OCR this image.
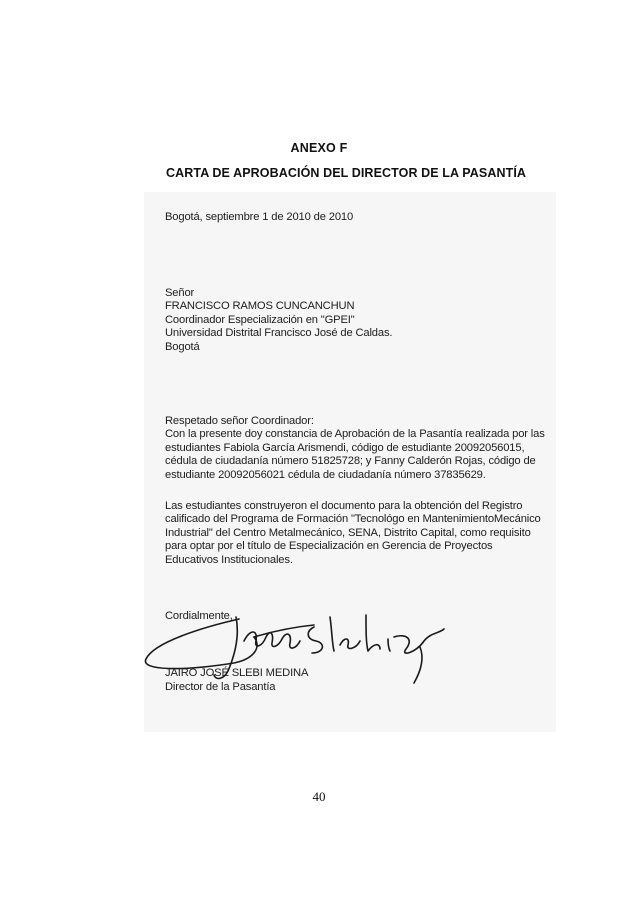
ANEXO F
CARTA DE APROBACIÓN DEL DIRECTOR DE LA PASANTÍA
Bogotá, septiembre 1 de 2010 de 2010
Señor
FRANCISCO RAMOS CUNCANCHUN
Coordinador Especialización en "GPEI"
Universidad Distrital Francisco José de Caldas.
Bogotá
Respetado señor Coordinador:
Con la presente doy constancia de Aprobación de la Pasantía realizada por las
estudiantes Fabiola García Arismendi, código de estudiante 20092056015,
cédula de ciudadanía número 51825728; y Fanny Calderón Rojas, código de
estudiante 20092056021 cédula de ciudadanía número 37835629.
Las estudiantes construyeron el documento para la obtención del Registro
calificado del Programa de Formación "Tecnológo en MantenimientoMecánico
Industrial" del Centro Metalmecánico, SENA, Distrito Capital, como requisito
para optar por el título de Especialización en Gerencia de Proyectos
Educativos Institucionales.
Cordialmente,
JAIRO JOSÉ SLEBI MEDINA
Director de la Pasantía
40
